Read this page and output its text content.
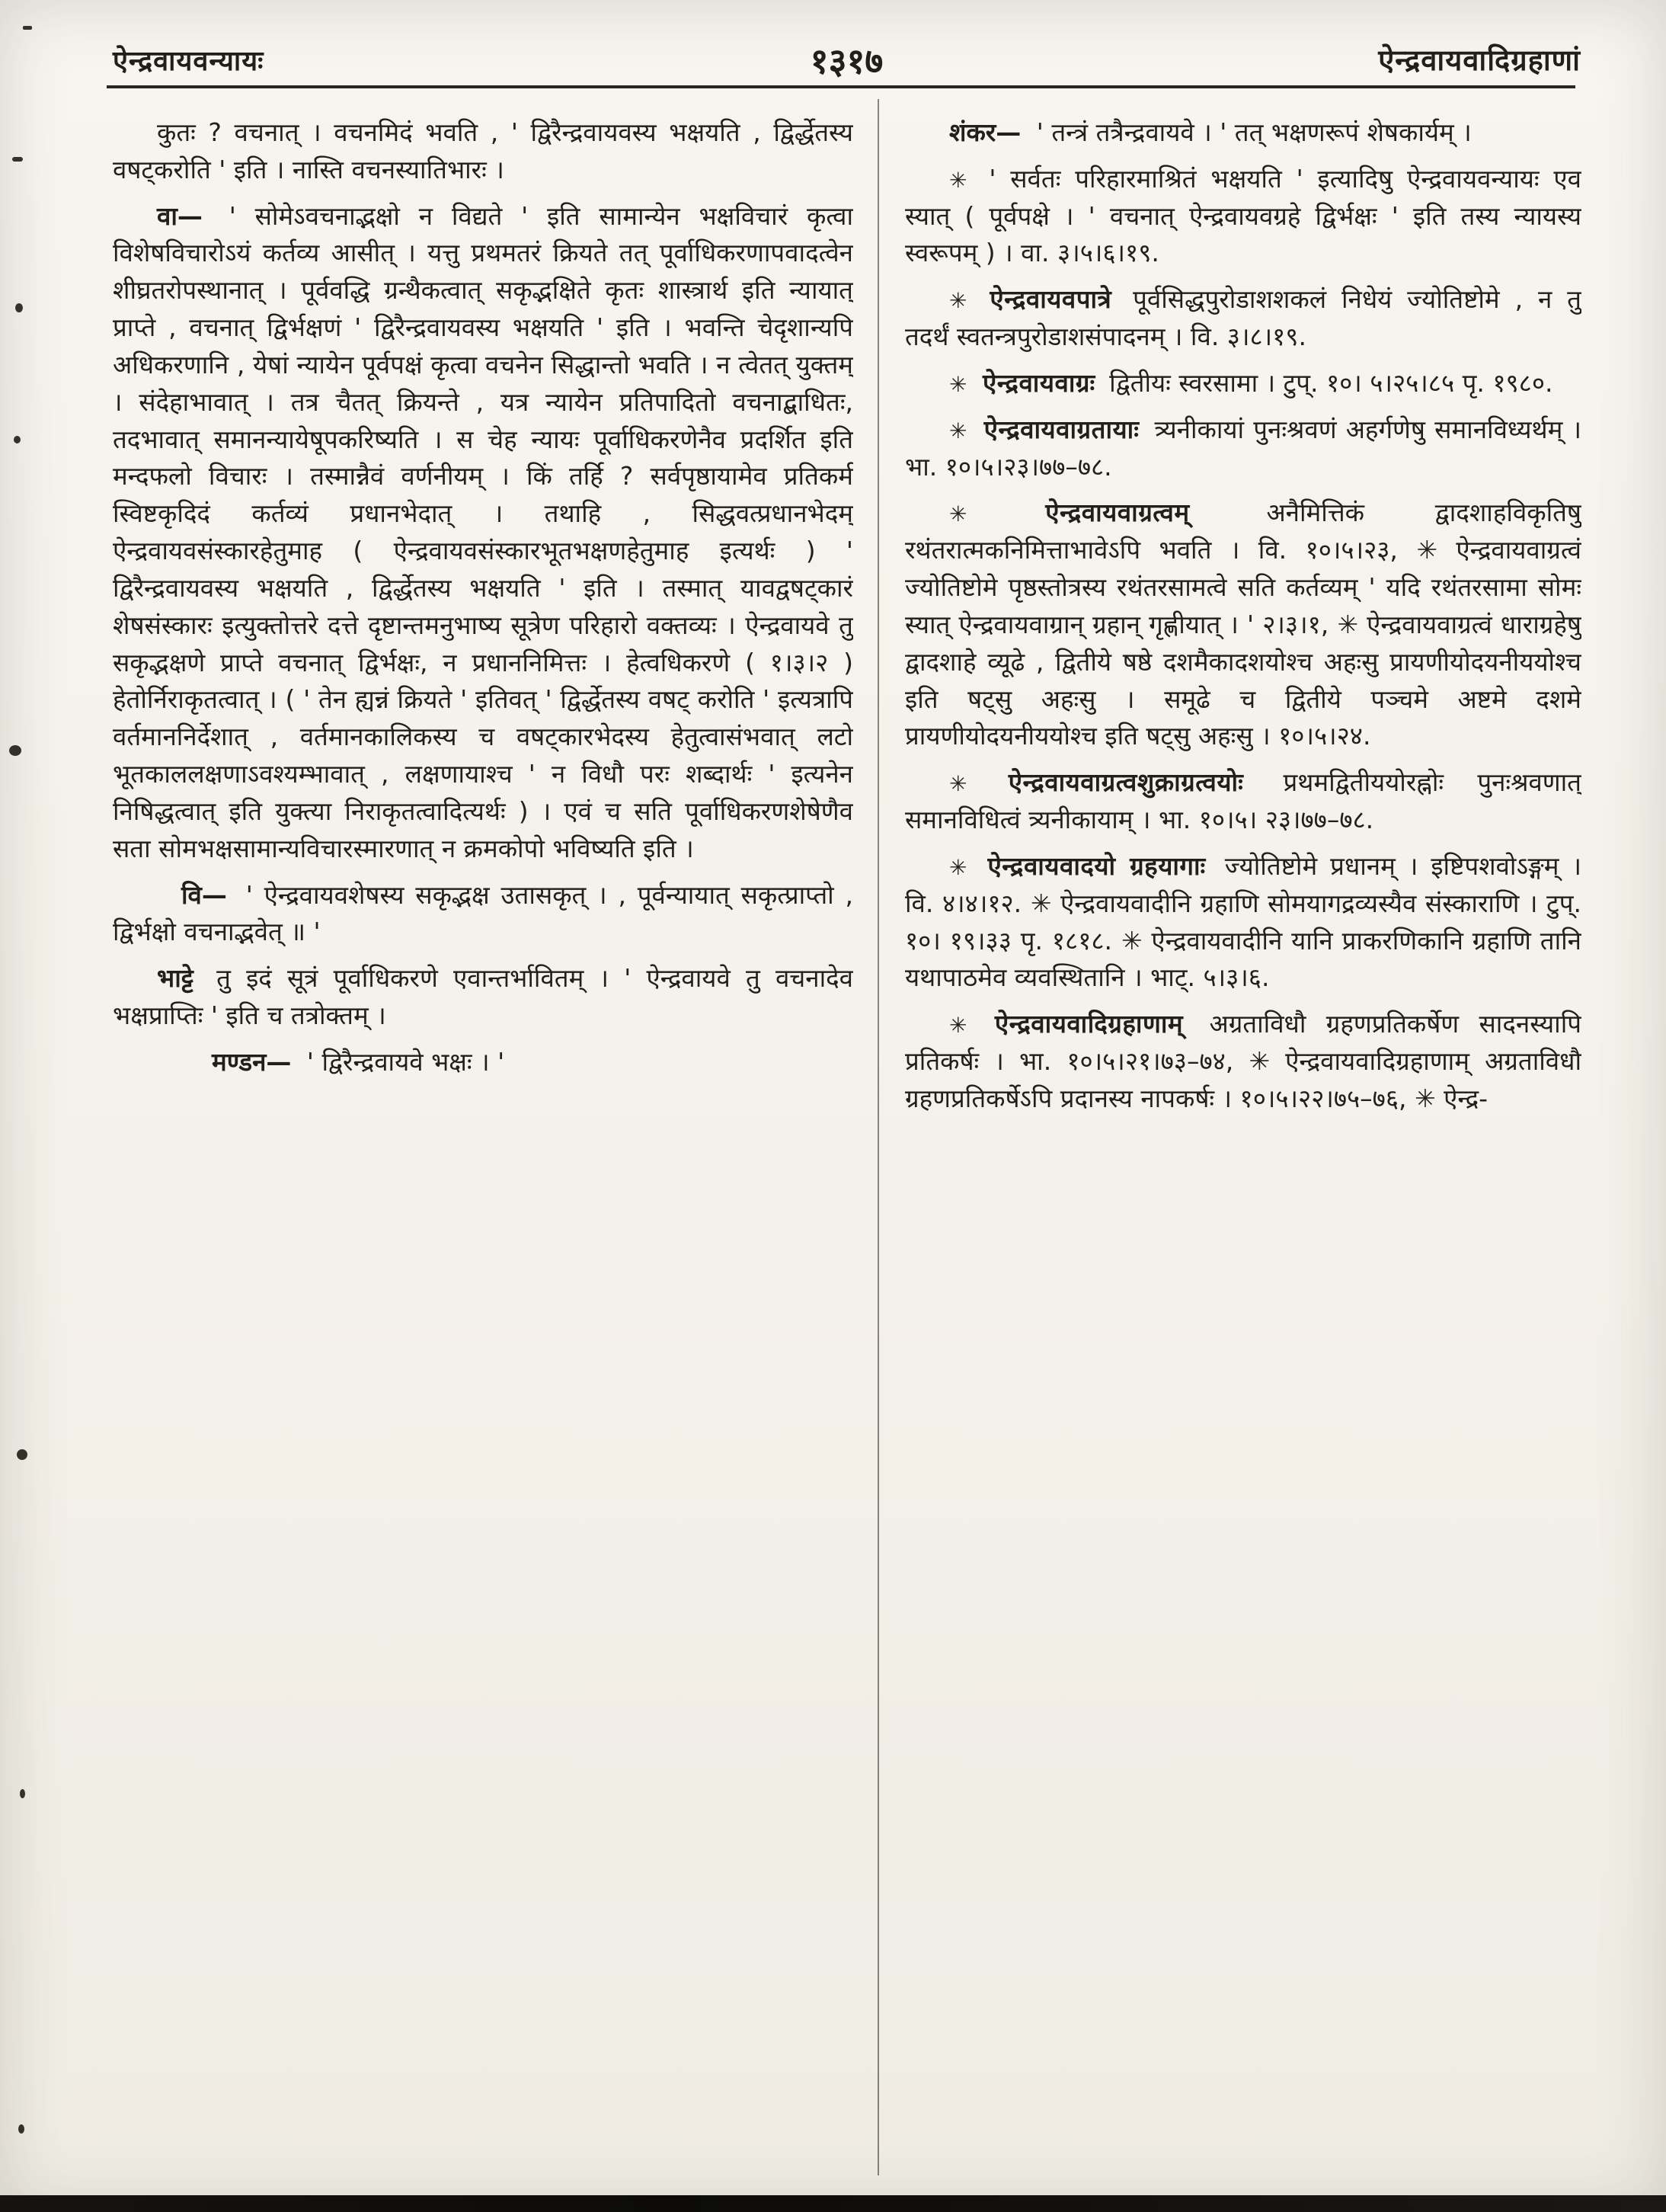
ऐन्द्रवायवन्यायः	१३१७	ऐन्द्रवायवादिग्रहाणां

कुतः ? वचनात् । वचनमिदं भवति , ' द्विरैन्द्रवायवस्य भक्षयति , द्विर्द्धेतस्य वषट्करोति ' इति । नास्ति वचनस्यातिभारः ।

वा— ' सोमेऽवचनाद्भक्षो न विद्यते ' इति सामान्येन भक्षविचारं कृत्वा विशेषविचारोऽयं कर्तव्य आसीत् । यत्तु प्रथमतरं क्रियते तत् पूर्वाधिकरणापवादत्वेन शीघ्रतरोपस्थानात् । पूर्ववद्धि ग्रन्थैकत्वात् सकृद्भक्षिते कृतः शास्त्रार्थ इति न्यायात् प्राप्ते , वचनात् द्विर्भक्षणं ' द्विरैन्द्रवायवस्य भक्षयति ' इति । भवन्ति चेदृशान्यपि अधिकरणानि , येषां न्यायेन पूर्वपक्षं कृत्वा वचनेन सिद्धान्तो भवति । न त्वेतत् युक्तम् । संदेहाभावात् । तत्र चैतत् क्रियन्ते , यत्र न्यायेन प्रतिपादितो वचनाद्बाधितः, तदभावात् समानन्यायेषूपकरिष्यति । स चेह न्यायः पूर्वाधिकरणेनैव प्रदर्शित इति मन्दफलो विचारः । तस्मान्नैवं वर्णनीयम् । किं तर्हि ? सर्वपृष्ठायामेव प्रतिकर्म स्विष्टकृदिदं कर्तव्यं प्रधानभेदात् । तथाहि , सिद्धवत्प्रधानभेदम् ऐन्द्रवायवसंस्कारहेतुमाह ( ऐन्द्रवायवसंस्कारभूतभक्षणहेतुमाह इत्यर्थः ) ' द्विरैन्द्रवायवस्य भक्षयति , द्विर्द्धेतस्य भक्षयति ' इति । तस्मात् यावद्वषट्कारं शेषसंस्कारः इत्युक्तोत्तरे दत्ते दृष्टान्तमनुभाष्य सूत्रेण परिहारो वक्तव्यः । ऐन्द्रवायवे तु सकृद्भक्षणे प्राप्ते वचनात् द्विर्भक्षः, न प्रधाननिमित्तः । हेत्वधिकरणे ( १।३।२ ) हेतोर्निराकृतत्वात् । ( ' तेन ह्यन्नं क्रियते ' इतिवत् ' द्विर्द्धेतस्य वषट् करोति ' इत्यत्रापि वर्तमाननिर्देशात् , वर्तमानकालिकस्य च वषट्कारभेदस्य हेतुत्वासंभवात् लटो भूतकाललक्षणाऽवश्यम्भावात् , लक्षणायाश्च ' न विधौ परः शब्दार्थः ' इत्यनेन निषिद्धत्वात् इति युक्त्या निराकृतत्वादित्यर्थः ) । एवं च सति पूर्वाधिकरणशेषेणैव सता सोमभक्षसामान्यविचारस्मारणात् न क्रमकोपो भविष्यति इति ।

वि— ' ऐन्द्रवायवशेषस्य सकृद्भक्ष उतासकृत् । , पूर्वन्यायात् सकृत्प्राप्तो , द्विर्भक्षो वचनाद्भवेत् ॥ '

भाट्टे तु इदं सूत्रं पूर्वाधिकरणे एवान्तर्भावितम् । ' ऐन्द्रवायवे तु वचनादेव भक्षप्राप्तिः ' इति च तत्रोक्तम् ।

मण्डन— ' द्विरैन्द्रवायवे भक्षः । '

शंकर— ' तन्त्रं तत्रैन्द्रवायवे । ' तत् भक्षणरूपं शेषकार्यम् ।

✳ ' सर्वतः परिहारमाश्रितं भक्षयति ' इत्यादिषु ऐन्द्रवायवन्यायः एव स्यात् ( पूर्वपक्षे । ' वचनात् ऐन्द्रवायवग्रहे द्विर्भक्षः ' इति तस्य न्यायस्य स्वरूपम् ) । वा. ३।५।६।१९.

✳ ऐन्द्रवायवपात्रे पूर्वसिद्धपुरोडाशशकलं निधेयं ज्योतिष्टोमे , न तु तदर्थं स्वतन्त्रपुरोडाशसंपादनम् । वि. ३।८।१९.

✳ ऐन्द्रवायवाग्रः द्वितीयः स्वरसामा । टुप्. १०। ५।२५।८५ पृ. १९८०.

✳ ऐन्द्रवायवाग्रतायाः त्र्यनीकायां पुनःश्रवणं अहर्गणेषु समानविध्यर्थम् । भा. १०।५।२३।७७–७८.

✳	ऐन्द्रवायवाग्रत्वम्	अनैमित्तिकं द्वादशाहविकृतिषु रथंतरात्मकनिमित्ताभावेऽपि भवति । वि. १०।५।२३, ✳ ऐन्द्रवायवाग्रत्वं ज्योतिष्टोमे पृष्ठस्तोत्रस्य रथंतरसामत्वे सति कर्तव्यम् ' यदि रथंतरसामा सोमः स्यात् ऐन्द्रवायवाग्रान् ग्रहान् गृह्णीयात् । ' २।३।१, ✳ ऐन्द्रवायवाग्रत्वं धाराग्रहेषु द्वादशाहे व्यूढे , द्वितीये षष्ठे दशमैकादशयोश्च अहःसु प्रायणीयोदयनीययोश्च इति षट्सु अहःसु । समूढे च द्वितीये पञ्चमे अष्टमे दशमे प्रायणीयोदयनीययोश्च इति षट्सु अहःसु । १०।५।२४.

✳ ऐन्द्रवायवाग्रत्वशुक्राग्रत्वयोः प्रथमद्वितीययोरह्नोः पुनःश्रवणात् समानविधित्वं त्र्यनीकायाम् । भा. १०।५। २३।७७–७८.

✳ ऐन्द्रवायवादयो ग्रहयागाः ज्योतिष्टोमे प्रधानम् । इष्टिपशवोऽङ्गम् । वि. ४।४।१२. ✳ ऐन्द्रवायवादीनि ग्रहाणि सोमयागद्रव्यस्यैव संस्काराणि । टुप्. १०। १९।३३ पृ. १८१८. ✳ ऐन्द्रवायवादीनि यानि प्राकरणिकानि ग्रहाणि तानि यथापाठमेव व्यवस्थितानि । भाट्. ५।३।६.

✳ ऐन्द्रवायवादिग्रहाणाम् अग्रताविधौ ग्रहणप्रतिकर्षेण सादनस्यापि प्रतिकर्षः । भा. १०।५।२१।७३–७४, ✳ ऐन्द्रवायवादिग्रहाणाम् अग्रताविधौ ग्रहणप्रतिकर्षेऽपि प्रदानस्य नापकर्षः । १०।५।२२।७५–७६, ✳ ऐन्द्र-
